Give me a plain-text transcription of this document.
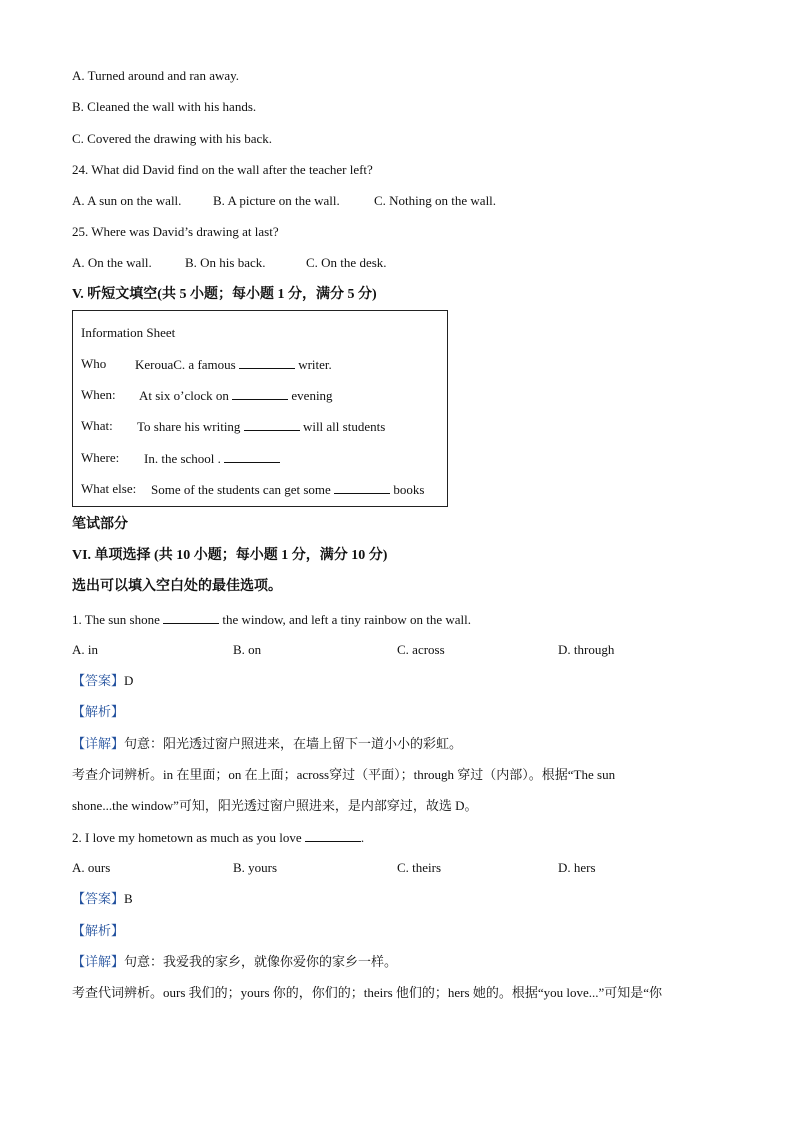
A. Turned around and ran away.
B. Cleaned the wall with his hands.
C. Covered the drawing with his back.
24. What did David find on the wall after the teacher left?
A. A sun on the wall. B. A picture on the wall.	C. Nothing on the wall.
25. Where was David’s drawing at last?
A. On the wall.	B. On his back.	C. On the desk.
V. 听短文填空(共 5 小题；每小题 1 分，满分 5 分)
Information Sheet
Who KerouaC. a famous	writer.
When: At six o’clock on	evening
What: To share his writing	will all students
Where: In. the school .
What else: Some of the students can get some	books
笔试部分
VI. 单项选择 (共 10 小题；每小题 1 分，满分 10 分)
选出可以填入空白处的最佳选项。
1. The sun shone	the window, and left a tiny rainbow on the wall.
A. in	B. on	C. across	D. through
【答案】D
【解析】
【详解】句意：阳光透过窗户照进来，在墙上留下一道小小的彩虹。
考查介词辨析。in 在里面；on 在上面；across穿过（平面）；through 穿过（内部）。根据“The sun
shone...the window”可知，阳光透过窗户照进来，是内部穿过，故选 D。
2. I love my hometown as much as you love	.
A. ours	B. yours	C. theirs	D. hers
【答案】B
【解析】
【详解】句意：我爱我的家乡，就像你爱你的家乡一样。
考查代词辨析。ours 我们的；yours 你的，你们的；theirs 他们的；hers 她的。根据“you love...”可知是“你
